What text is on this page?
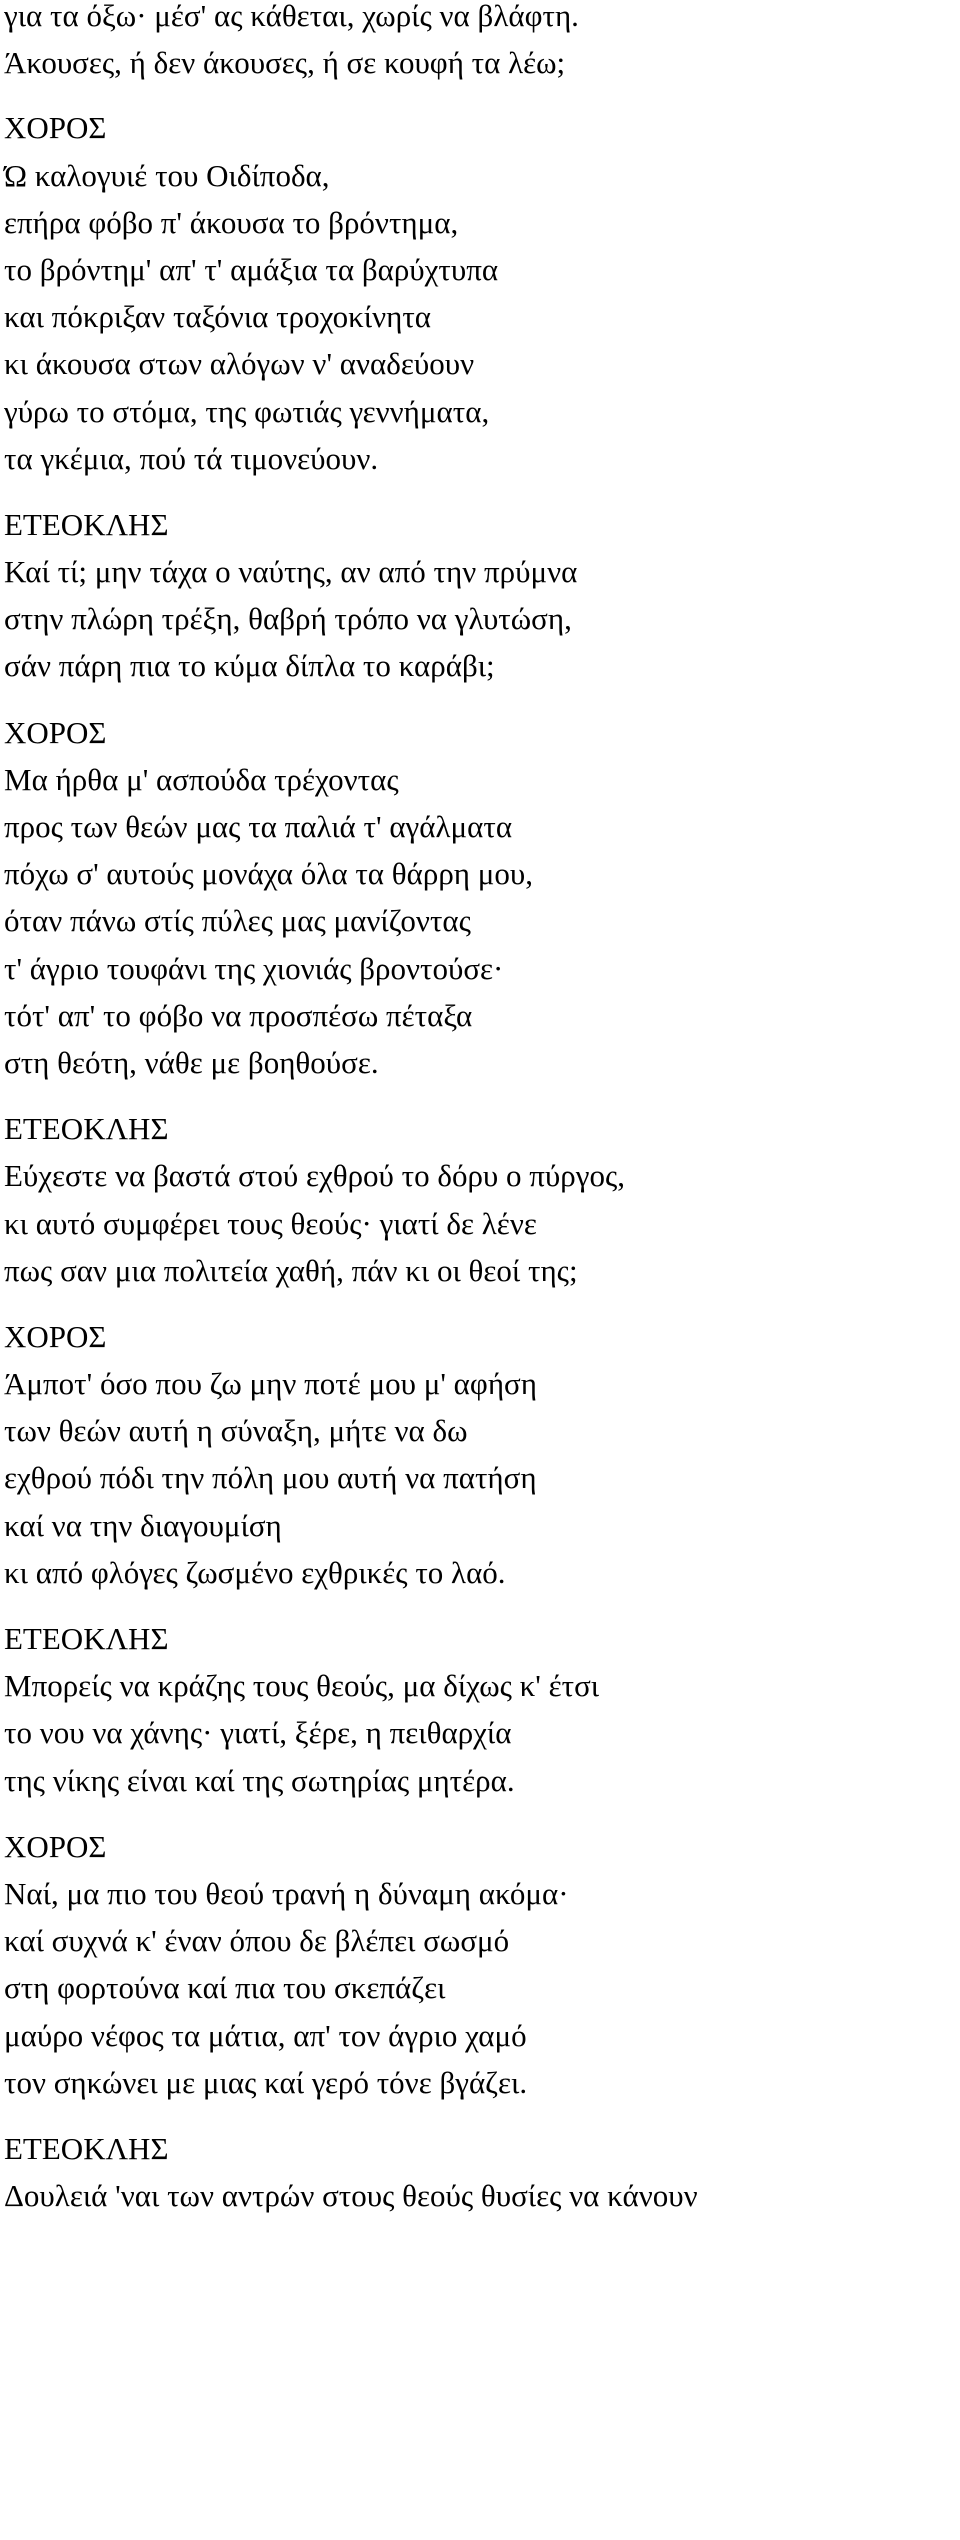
για τα όξω· μέσ' ας κάθεται, χωρίς να βλάφτη.
Άκουσες, ή δεν άκουσες, ή σε κουφή τα λέω;
ΧΟΡΟΣ
Ώ καλογυιέ του Οιδίποδα,
επήρα φόβο π' άκουσα το βρόντημα,
το βρόντημ' απ' τ' αμάξια τα βαρύχτυπα
και πόκριξαν ταξόνια τροχοκίνητα
κι άκουσα στων αλόγων ν' αναδεύουν
γύρω το στόμα, της φωτιάς γεννήματα,
τα γκέμια, πού τά τιμονεύουν.
ΕΤΕΟΚΛΗΣ
Καί τί; μην τάχα ο ναύτης, αν από την πρύμνα
στην πλώρη τρέξη, θαβρή τρόπο να γλυτώση,
σάν πάρη πια το κύμα δίπλα το καράβι;
ΧΟΡΟΣ
Μα ήρθα μ' ασπούδα τρέχοντας
προς των θεών μας τα παλιά τ' αγάλματα
πόχω σ' αυτούς μονάχα όλα τα θάρρη μου,
όταν πάνω στίς πύλες μας μανίζοντας
τ' άγριο τουφάνι της χιονιάς βροντούσε·
τότ' απ' το φόβο να προσπέσω πέταξα
στη θεότη, νάθε με βοηθούσε.
ΕΤΕΟΚΛΗΣ
Εύχεστε να βαστά στού εχθρού το δόρυ ο πύργος,
κι αυτό συμφέρει τους θεούς· γιατί δε λένε
πως σαν μια πολιτεία χαθή, πάν κι οι θεοί της;
ΧΟΡΟΣ
Άμποτ' όσο που ζω μην ποτέ μου μ' αφήση
των θεών αυτή η σύναξη, μήτε να δω
εχθρού πόδι την πόλη μου αυτή να πατήση
καί να την διαγουμίση
κι από φλόγες ζωσμένο εχθρικές το λαό.
ΕΤΕΟΚΛΗΣ
Μπορείς να κράζης τους θεούς, μα δίχως κ' έτσι
το νου να χάνης· γιατί, ξέρε, η πειθαρχία
της νίκης είναι καί της σωτηρίας μητέρα.
ΧΟΡΟΣ
Ναί, μα πιο του θεού τρανή η δύναμη ακόμα·
καί συχνά κ' έναν όπου δε βλέπει σωσμό
στη φορτούνα καί πια του σκεπάζει
μαύρο νέφος τα μάτια, απ' τον άγριο χαμό
τον σηκώνει με μιας καί γερό τόνε βγάζει.
ΕΤΕΟΚΛΗΣ
Δουλειά 'ναι των αντρών στους θεούς θυσίες να κάνουν
